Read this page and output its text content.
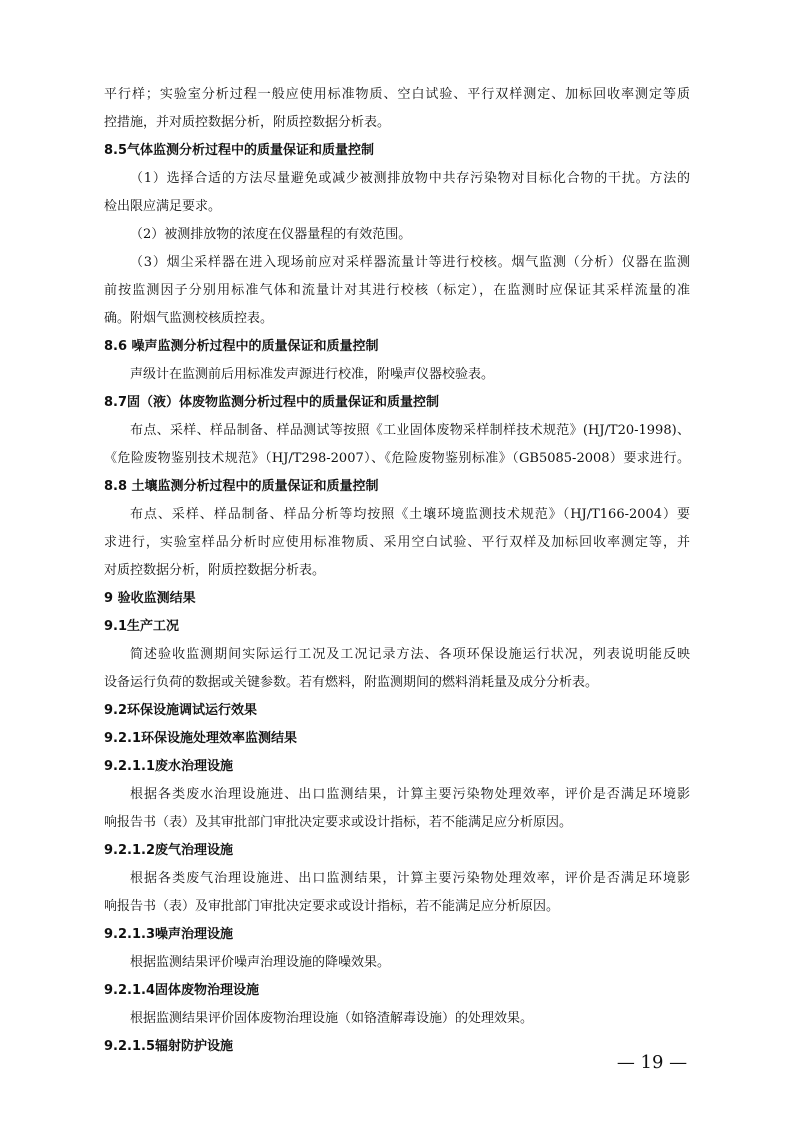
平行样；实验室分析过程一般应使用标准物质、空白试验、平行双样测定、加标回收率测定等质
控措施，并对质控数据分析，附质控数据分析表。
8.5气体监测分析过程中的质量保证和质量控制
（1）选择合适的方法尽量避免或减少被测排放物中共存污染物对目标化合物的干扰。方法的
检出限应满足要求。
（2）被测排放物的浓度在仪器量程的有效范围。
（3）烟尘采样器在进入现场前应对采样器流量计等进行校核。烟气监测（分析）仪器在监测
前按监测因子分别用标准气体和流量计对其进行校核（标定），在监测时应保证其采样流量的准
确。附烟气监测校核质控表。
8.6 噪声监测分析过程中的质量保证和质量控制
声级计在监测前后用标准发声源进行校准，附噪声仪器校验表。
8.7固（液）体废物监测分析过程中的质量保证和质量控制
布点、采样、样品制备、样品测试等按照《工业固体废物采样制样技术规范》(HJ/T20-1998)、
《危险废物鉴别技术规范》（HJ/T298-2007）、《危险废物鉴别标准》（GB5085-2008）要求进行。
8.8 土壤监测分析过程中的质量保证和质量控制
布点、采样、样品制备、样品分析等均按照《土壤环境监测技术规范》（HJ/T166-2004）要
求进行，实验室样品分析时应使用标准物质、采用空白试验、平行双样及加标回收率测定等，并
对质控数据分析，附质控数据分析表。
9 验收监测结果
9.1生产工况
简述验收监测期间实际运行工况及工况记录方法、各项环保设施运行状况，列表说明能反映
设备运行负荷的数据或关键参数。若有燃料，附监测期间的燃料消耗量及成分分析表。
9.2环保设施调试运行效果
9.2.1环保设施处理效率监测结果
9.2.1.1废水治理设施
根据各类废水治理设施进、出口监测结果，计算主要污染物处理效率，评价是否满足环境影
响报告书（表）及其审批部门审批决定要求或设计指标，若不能满足应分析原因。
9.2.1.2废气治理设施
根据各类废气治理设施进、出口监测结果，计算主要污染物处理效率，评价是否满足环境影
响报告书（表）及审批部门审批决定要求或设计指标，若不能满足应分析原因。
9.2.1.3噪声治理设施
根据监测结果评价噪声治理设施的降噪效果。
9.2.1.4固体废物治理设施
根据监测结果评价固体废物治理设施（如铬渣解毒设施）的处理效果。
9.2.1.5辐射防护设施
— 19 —
